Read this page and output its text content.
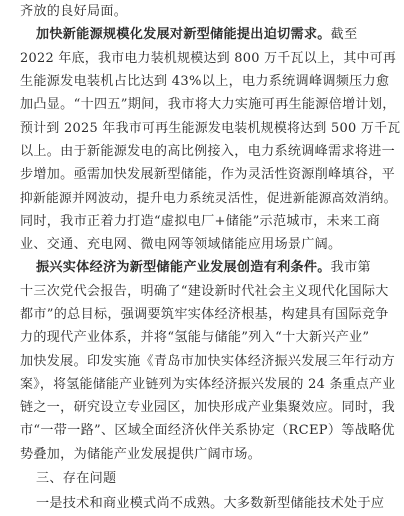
齐放的良好局面。
加快新能源规模化发展对新型储能提出迫切需求。截至
2022 年底，我市电力装机规模达到 800 万千瓦以上，其中可再
生能源发电装机占比达到 43%以上，电力系统调峰调频压力愈
加凸显。“十四五”期间，我市将大力实施可再生能源倍增计划，
预计到 2025 年我市可再生能源发电装机规模将达到 500 万千瓦
以上。由于新能源发电的高比例接入，电力系统调峰需求将进一
步增加。亟需加快发展新型储能，作为灵活性资源削峰填谷，平
抑新能源并网波动，提升电力系统灵活性，促进新能源高效消纳。
同时，我市正着力打造“虚拟电厂+储能”示范城市，未来工商
业、交通、充电网、微电网等领域储能应用场景广阔。
振兴实体经济为新型储能产业发展创造有利条件。我市第
十三次党代会报告，明确了“建设新时代社会主义现代化国际大
都市”的总目标，强调要筑牢实体经济根基，构建具有国际竞争
力的现代产业体系，并将“氢能与储能”列入“十大新兴产业”
加快发展。印发实施《青岛市加快实体经济振兴发展三年行动方
案》，将氢能储能产业链列为实体经济振兴发展的 24 条重点产业
链之一，研究设立专业园区，加快形成产业集聚效应。同时，我
市“一带一路”、区域全面经济伙伴关系协定（RCEP）等战略优
势叠加，为储能产业发展提供广阔市场。
三、存在问题
一是技术和商业模式尚不成熟。大多数新型储能技术处于应
